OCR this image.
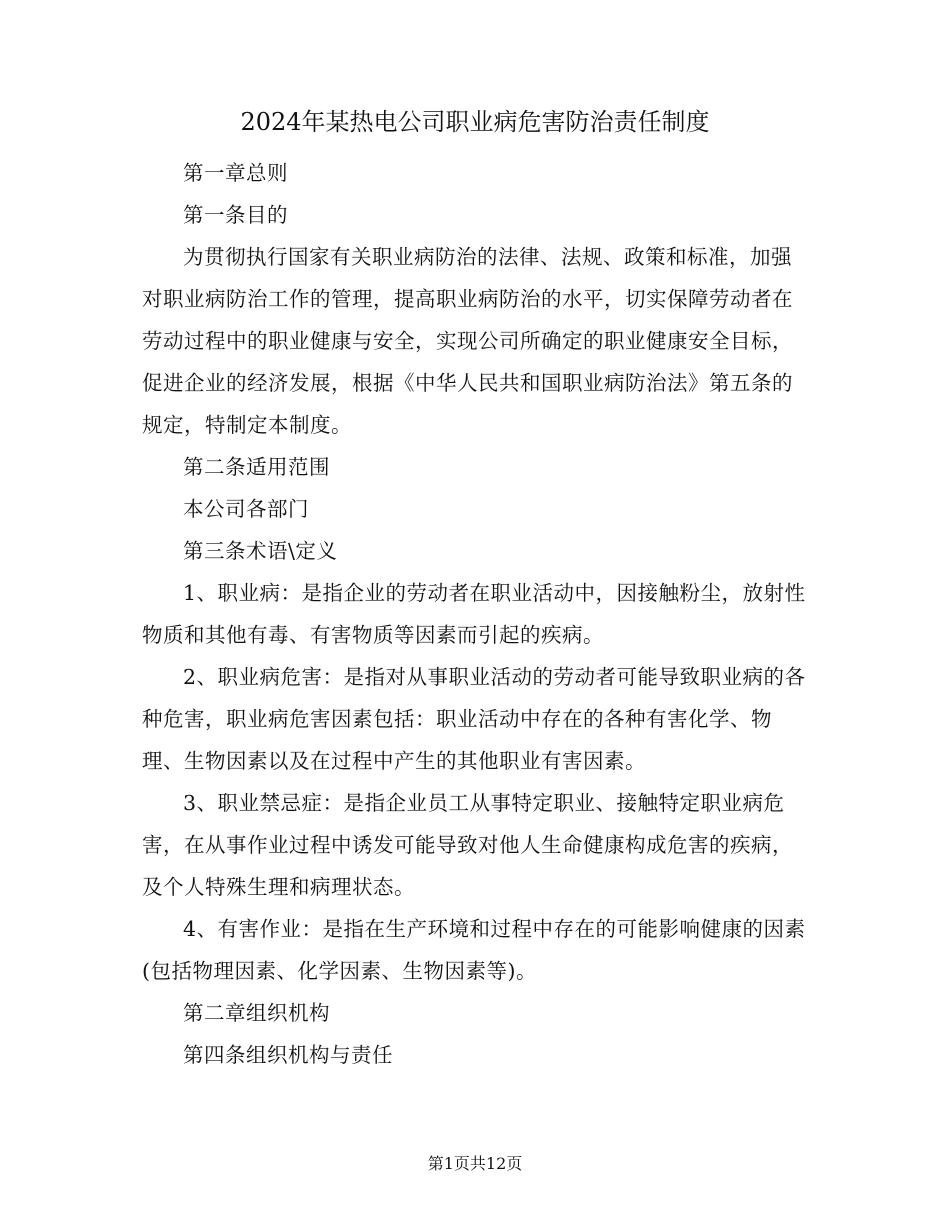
2024年某热电公司职业病危害防治责任制度

第一章总则

第一条目的

为贯彻执行国家有关职业病防治的法律、法规、政策和标准，加强对职业病防治工作的管理，提高职业病防治的水平，切实保障劳动者在劳动过程中的职业健康与安全，实现公司所确定的职业健康安全目标，促进企业的经济发展，根据《中华人民共和国职业病防治法》第五条的规定，特制定本制度。

第二条适用范围

本公司各部门

第三条术语\定义

1、职业病：是指企业的劳动者在职业活动中，因接触粉尘，放射性物质和其他有毒、有害物质等因素而引起的疾病。

2、职业病危害：是指对从事职业活动的劳动者可能导致职业病的各种危害，职业病危害因素包括：职业活动中存在的各种有害化学、物理、生物因素以及在过程中产生的其他职业有害因素。

3、职业禁忌症：是指企业员工从事特定职业、接触特定职业病危害，在从事作业过程中诱发可能导致对他人生命健康构成危害的疾病，及个人特殊生理和病理状态。

4、有害作业：是指在生产环境和过程中存在的可能影响健康的因素(包括物理因素、化学因素、生物因素等)。

第二章组织机构

第四条组织机构与责任

第1页共12页
